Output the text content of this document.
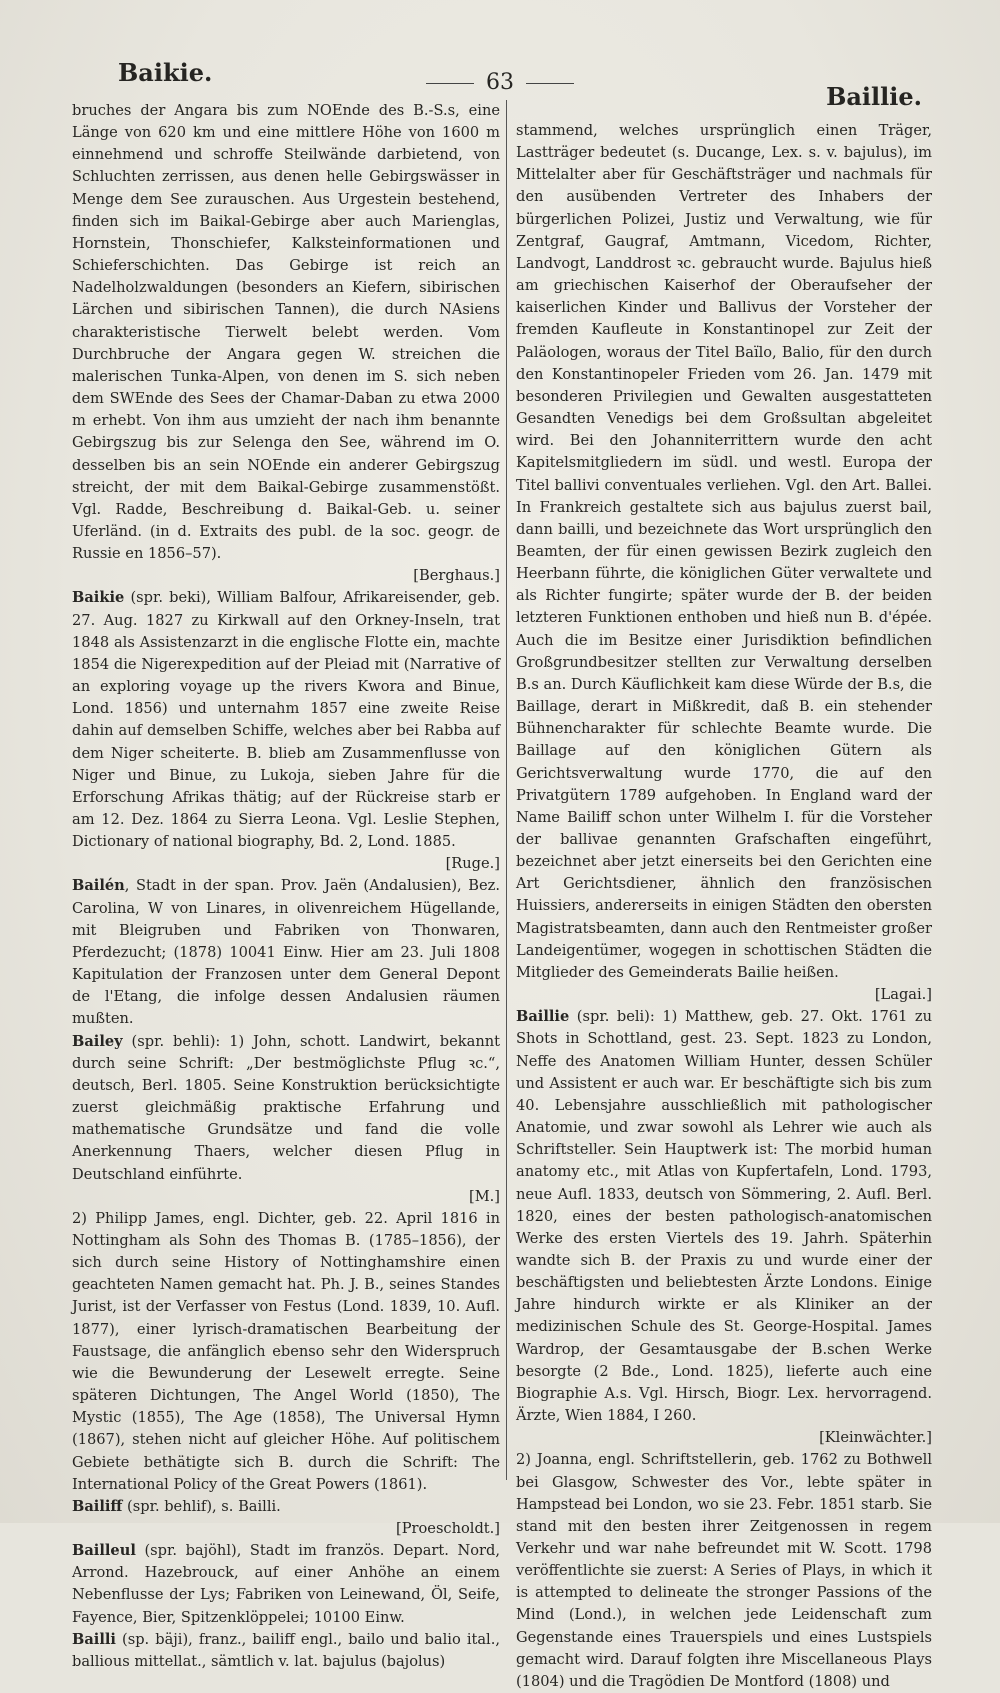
Baikie.	63	Baillie.

bruches der Angara bis zum NOEnde des B.-S.s, eine Länge von 620 km und eine mittlere Höhe von 1600 m einnehmend und schroffe Steilwände darbietend, von Schluchten zerrissen, aus denen helle Gebirgswässer in Menge dem See zurauschen. Aus Urgestein bestehend, finden sich im Baikal-Gebirge aber auch Marienglas, Hornstein, Thonschiefer, Kalksteinformationen und Schieferschichten. Das Gebirge ist reich an Nadelholzwaldungen (besonders an Kiefern, sibirischen Lärchen und sibirischen Tannen), die durch NAsiens charakteristische Tierwelt belebt werden. Vom Durchbruche der Angara gegen W. streichen die malerischen Tunka-Alpen, von denen im S. sich neben dem SWEnde des Sees der Chamar-Daban zu etwa 2000 m erhebt. Von ihm aus umzieht der nach ihm benannte Gebirgszug bis zur Selenga den See, während im O. desselben bis an sein NOEnde ein anderer Gebirgszug streicht, der mit dem Baikal-Gebirge zusammenstößt. Vgl. Radde, Beschreibung d. Baikal-Geb. u. seiner Uferländ. (in d. Extraits des publ. de la soc. geogr. de Russie en 1856–57).
[Berghaus.]

Baikie (spr. beki), William Balfour, Afrikareisender, geb. 27. Aug. 1827 zu Kirkwall auf den Orkney-Inseln, trat 1848 als Assistenzarzt in die englische Flotte ein, machte 1854 die Nigerexpedition auf der Pleiad mit (Narrative of an exploring voyage up the rivers Kwora and Binue, Lond. 1856) und unternahm 1857 eine zweite Reise dahin auf demselben Schiffe, welches aber bei Rabba auf dem Niger scheiterte. B. blieb am Zusammenflusse von Niger und Binue, zu Lukoja, sieben Jahre für die Erforschung Afrikas thätig; auf der Rückreise starb er am 12. Dez. 1864 zu Sierra Leona. Vgl. Leslie Stephen, Dictionary of national biography, Bd. 2, Lond. 1885.
[Ruge.]

Bailén, Stadt in der span. Prov. Jaën (Andalusien), Bez. Carolina, W von Linares, in olivenreichem Hügellande, mit Bleigruben und Fabriken von Thonwaren, Pferdezucht; (1878) 10041 Einw. Hier am 23. Juli 1808 Kapitulation der Franzosen unter dem General Depont de l'Etang, die infolge dessen Andalusien räumen mußten.

Bailey (spr. behli): 1) John, schott. Landwirt, bekannt durch seine Schrift: „Der bestmöglichste Pflug ꝛc.“, deutsch, Berl. 1805. Seine Konstruktion berücksichtigte zuerst gleichmäßig praktische Erfahrung und mathematische Grundsätze und fand die volle Anerkennung Thaers, welcher diesen Pflug in Deutschland einführte.
[M.]

2) Philipp James, engl. Dichter, geb. 22. April 1816 in Nottingham als Sohn des Thomas B. (1785–1856), der sich durch seine History of Nottinghamshire einen geachteten Namen gemacht hat. Ph. J. B., seines Standes Jurist, ist der Verfasser von Festus (Lond. 1839, 10. Aufl. 1877), einer lyrisch-dramatischen Bearbeitung der Faustsage, die anfänglich ebenso sehr den Widerspruch wie die Bewunderung der Lesewelt erregte. Seine späteren Dichtungen, The Angel World (1850), The Mystic (1855), The Age (1858), The Universal Hymn (1867), stehen nicht auf gleicher Höhe. Auf politischem Gebiete bethätigte sich B. durch die Schrift: The International Policy of the Great Powers (1861).

Bailiff (spr. behlif), s. Bailli.
[Proescholdt.]

Bailleul (spr. bajöhl), Stadt im französ. Depart. Nord, Arrond. Hazebrouck, auf einer Anhöhe an einem Nebenflusse der Lys; Fabriken von Leinewand, Öl, Seife, Fayence, Bier, Spitzenklöppelei; 10100 Einw.

Bailli (sp. bäji), franz., bailiff engl., bailo und balio ital., ballious mittellat., sämtlich v. lat. bajulus (bajolus)

stammend, welches ursprünglich einen Träger, Lastträger bedeutet (s. Ducange, Lex. s. v. bajulus), im Mittelalter aber für Geschäftsträger und nachmals für den ausübenden Vertreter des Inhabers der bürgerlichen Polizei, Justiz und Verwaltung, wie für Zentgraf, Gaugraf, Amtmann, Vicedom, Richter, Landvogt, Landdrost ꝛc. gebraucht wurde. Bajulus hieß am griechischen Kaiserhof der Oberaufseher der kaiserlichen Kinder und Ballivus der Vorsteher der fremden Kaufleute in Konstantinopel zur Zeit der Paläologen, woraus der Titel Baïlo, Balio, für den durch den Konstantinopeler Frieden vom 26. Jan. 1479 mit besonderen Privilegien und Gewalten ausgestatteten Gesandten Venedigs bei dem Großsultan abgeleitet wird. Bei den Johanniterrittern wurde den acht Kapitelsmitgliedern im südl. und westl. Europa der Titel ballivi conventuales verliehen. Vgl. den Art. Ballei. In Frankreich gestaltete sich aus bajulus zuerst bail, dann bailli, und bezeichnete das Wort ursprünglich den Beamten, der für einen gewissen Bezirk zugleich den Heerbann führte, die königlichen Güter verwaltete und als Richter fungirte; später wurde der B. der beiden letzteren Funktionen enthoben und hieß nun B. d'épée. Auch die im Besitze einer Jurisdiktion befindlichen Großgrundbesitzer stellten zur Verwaltung derselben B.s an. Durch Käuflichkeit kam diese Würde der B.s, die Baillage, derart in Mißkredit, daß B. ein stehender Bühnencharakter für schlechte Beamte wurde. Die Baillage auf den königlichen Gütern als Gerichtsverwaltung wurde 1770, die auf den Privatgütern 1789 aufgehoben. In England ward der Name Bailiff schon unter Wilhelm I. für die Vorsteher der ballivae genannten Grafschaften eingeführt, bezeichnet aber jetzt einerseits bei den Gerichten eine Art Gerichtsdiener, ähnlich den französischen Huissiers, andererseits in einigen Städten den obersten Magistratsbeamten, dann auch den Rentmeister großer Landeigentümer, wogegen in schottischen Städten die Mitglieder des Gemeinderats Bailie heißen.
[Lagai.]

Baillie (spr. beli): 1) Matthew, geb. 27. Okt. 1761 zu Shots in Schottland, gest. 23. Sept. 1823 zu London, Neffe des Anatomen William Hunter, dessen Schüler und Assistent er auch war. Er beschäftigte sich bis zum 40. Lebensjahre ausschließlich mit pathologischer Anatomie, und zwar sowohl als Lehrer wie auch als Schriftsteller. Sein Hauptwerk ist: The morbid human anatomy etc., mit Atlas von Kupfertafeln, Lond. 1793, neue Aufl. 1833, deutsch von Sömmering, 2. Aufl. Berl. 1820, eines der besten pathologisch-anatomischen Werke des ersten Viertels des 19. Jahrh. Späterhin wandte sich B. der Praxis zu und wurde einer der beschäftigsten und beliebtesten Ärzte Londons. Einige Jahre hindurch wirkte er als Kliniker an der medizinischen Schule des St. George-Hospital. James Wardrop, der Gesamtausgabe der B.schen Werke besorgte (2 Bde., Lond. 1825), lieferte auch eine Biographie A.s. Vgl. Hirsch, Biogr. Lex. hervorragend. Ärzte, Wien 1884, I 260.
[Kleinwächter.]

2) Joanna, engl. Schriftstellerin, geb. 1762 zu Bothwell bei Glasgow, Schwester des Vor., lebte später in Hampstead bei London, wo sie 23. Febr. 1851 starb. Sie stand mit den besten ihrer Zeitgenossen in regem Verkehr und war nahe befreundet mit W. Scott. 1798 veröffentlichte sie zuerst: A Series of Plays, in which it is attempted to delineate the stronger Passions of the Mind (Lond.), in welchen jede Leidenschaft zum Gegenstande eines Trauerspiels und eines Lustspiels gemacht wird. Darauf folgten ihre Miscellaneous Plays (1804) und die Tragödien De Montford (1808) und
